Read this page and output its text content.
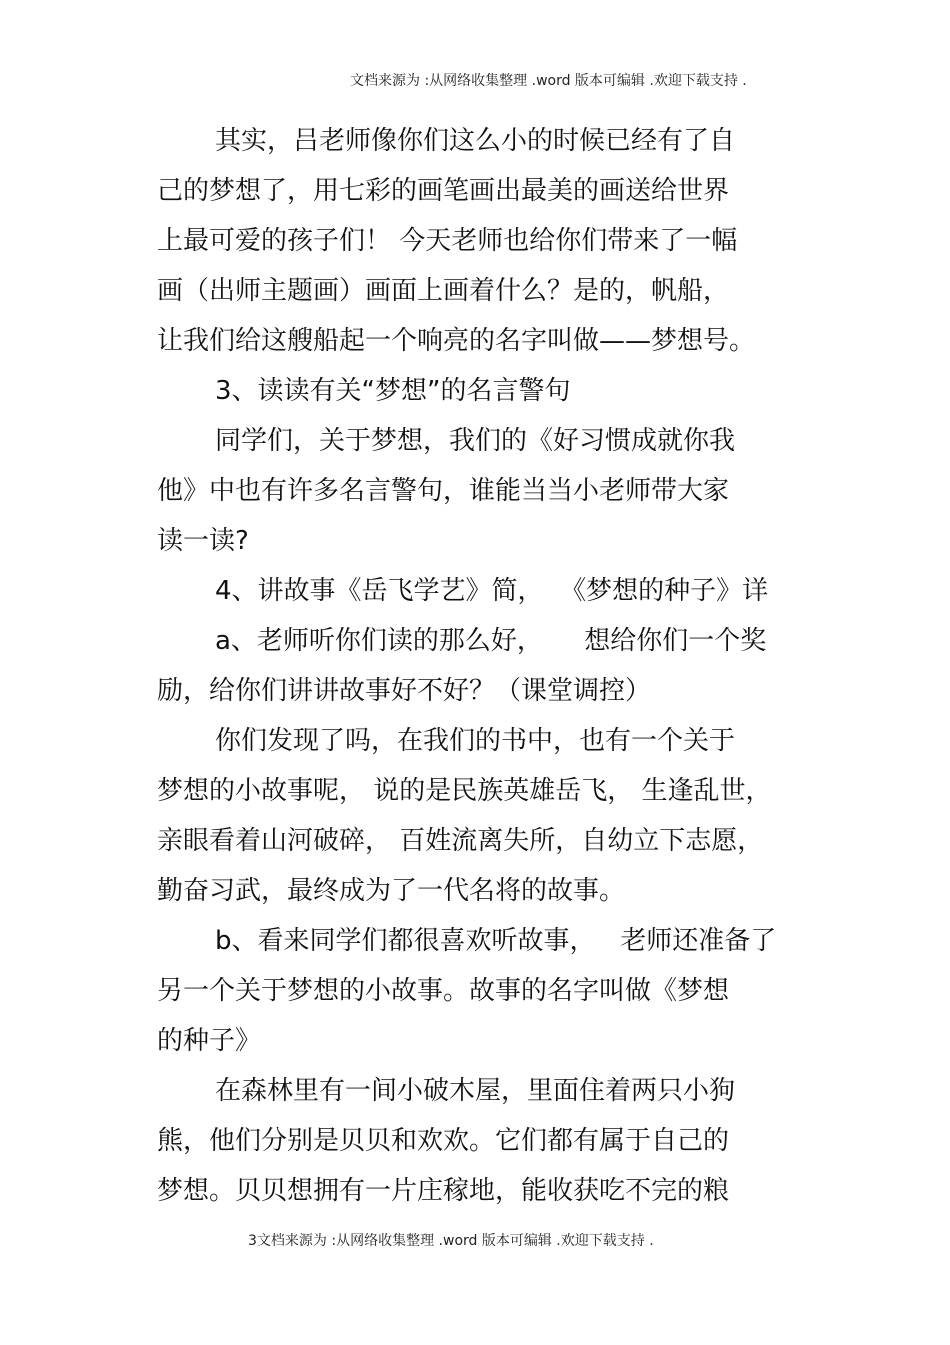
文档来源为 :从网络收集整理 .word 版本可编辑 .欢迎下载支持 .
其实，吕老师像你们这么小的时候已经有了自
己的梦想了，用七彩的画笔画出最美的画送给世界
上最可爱的孩子们！ 今天老师也给你们带来了一幅
画（出师主题画）画面上画着什么？是的，帆船，
让我们给这艘船起一个响亮的名字叫做——梦想号。
3、读读有关“梦想”的名言警句
同学们，关于梦想，我们的《好习惯成就你我
他》中也有许多名言警句，谁能当当小老师带大家
读一读?
4、讲故事《岳飞学艺》简，  《梦想的种子》详
a、老师听你们读的那么好，     想给你们一个奖
励，给你们讲讲故事好不好？（课堂调控）
你们发现了吗，在我们的书中，也有一个关于
梦想的小故事呢， 说的是民族英雄岳飞， 生逢乱世，
亲眼看着山河破碎， 百姓流离失所，自幼立下志愿，
勤奋习武，最终成为了一代名将的故事。
b、看来同学们都很喜欢听故事，   老师还准备了
另一个关于梦想的小故事。故事的名字叫做《梦想
的种子》
在森林里有一间小破木屋，里面住着两只小狗
熊，他们分别是贝贝和欢欢。它们都有属于自己的
梦想。贝贝想拥有一片庄稼地，能收获吃不完的粮
3文档来源为 :从网络收集整理 .word 版本可编辑 .欢迎下载支持 .
